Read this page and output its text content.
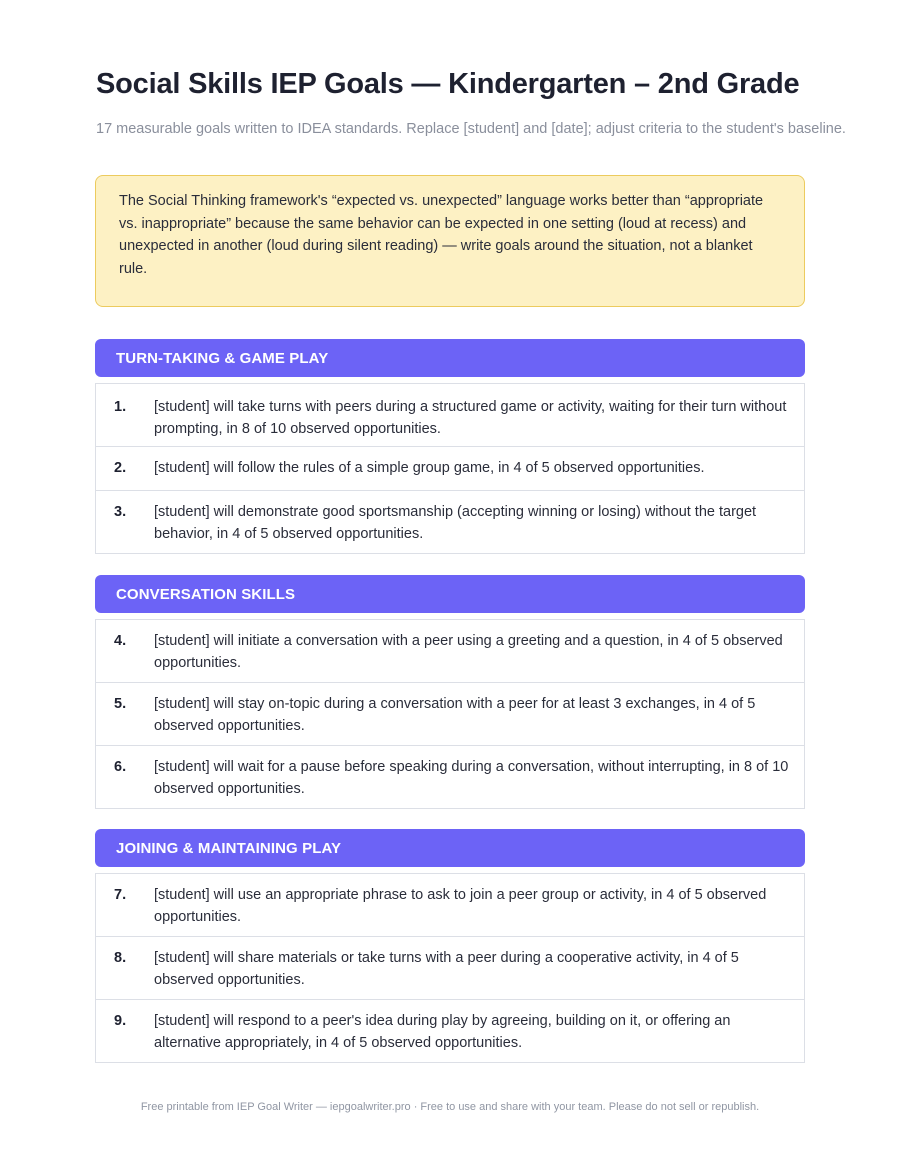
Social Skills IEP Goals — Kindergarten – 2nd Grade

17 measurable goals written to IDEA standards. Replace [student] and [date]; adjust criteria to the student's baseline.

The Social Thinking framework's “expected vs. unexpected” language works better than “appropriate vs. inappropriate” because the same behavior can be expected in one setting (loud at recess) and unexpected in another (loud during silent reading) — write goals around the situation, not a blanket rule.
TURN-TAKING & GAME PLAY
1. [student] will take turns with peers during a structured game or activity, waiting for their turn without prompting, in 8 of 10 observed opportunities.
2. [student] will follow the rules of a simple group game, in 4 of 5 observed opportunities.
3. [student] will demonstrate good sportsmanship (accepting winning or losing) without the target behavior, in 4 of 5 observed opportunities.
CONVERSATION SKILLS
4. [student] will initiate a conversation with a peer using a greeting and a question, in 4 of 5 observed opportunities.
5. [student] will stay on-topic during a conversation with a peer for at least 3 exchanges, in 4 of 5 observed opportunities.
6. [student] will wait for a pause before speaking during a conversation, without interrupting, in 8 of 10 observed opportunities.
JOINING & MAINTAINING PLAY
7. [student] will use an appropriate phrase to ask to join a peer group or activity, in 4 of 5 observed opportunities.
8. [student] will share materials or take turns with a peer during a cooperative activity, in 4 of 5 observed opportunities.
9. [student] will respond to a peer's idea during play by agreeing, building on it, or offering an alternative appropriately, in 4 of 5 observed opportunities.
Free printable from IEP Goal Writer — iepgoalwriter.pro · Free to use and share with your team. Please do not sell or republish.
